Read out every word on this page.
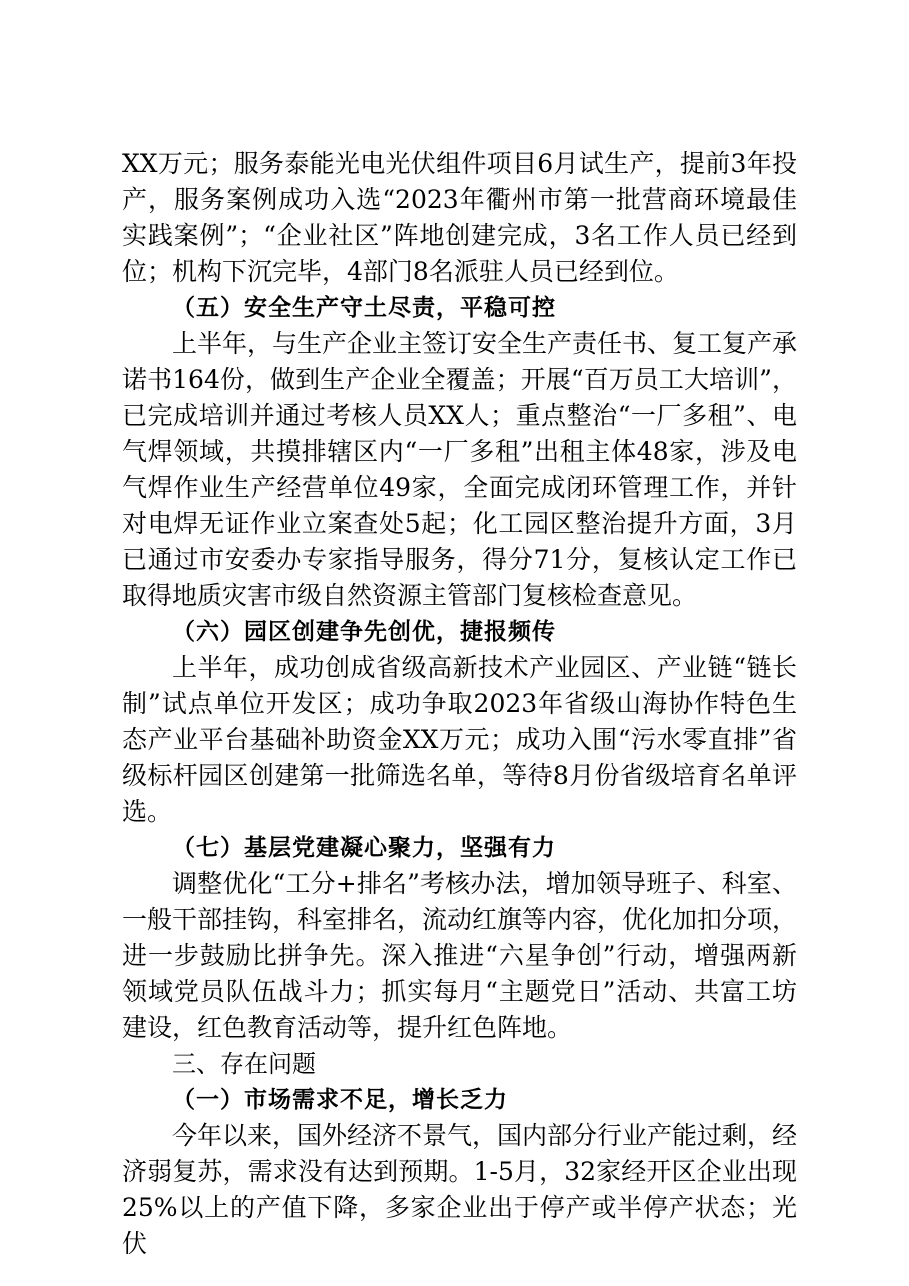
XX万元；服务泰能光电光伏组件项目6月试生产，提前3年投产，服务案例成功入选“2023年衢州市第一批营商环境最佳实践案例”；“企业社区”阵地创建完成，3名工作人员已经到位；机构下沉完毕，4部门8名派驻人员已经到位。

（五）安全生产守土尽责，平稳可控

上半年，与生产企业主签订安全生产责任书、复工复产承诺书164份，做到生产企业全覆盖；开展“百万员工大培训”，已完成培训并通过考核人员XX人；重点整治“一厂多租”、电气焊领域，共摸排辖区内“一厂多租”出租主体48家，涉及电气焊作业生产经营单位49家，全面完成闭环管理工作，并针对电焊无证作业立案查处5起；化工园区整治提升方面，3月已通过市安委办专家指导服务，得分71分，复核认定工作已取得地质灾害市级自然资源主管部门复核检查意见。

（六）园区创建争先创优，捷报频传

上半年，成功创成省级高新技术产业园区、产业链“链长制”试点单位开发区；成功争取2023年省级山海协作特色生态产业平台基础补助资金XX万元；成功入围“污水零直排”省级标杆园区创建第一批筛选名单，等待8月份省级培育名单评选。

（七）基层党建凝心聚力，坚强有力

调整优化“工分+排名”考核办法，增加领导班子、科室、一般干部挂钩，科室排名，流动红旗等内容，优化加扣分项，进一步鼓励比拼争先。深入推进“六星争创”行动，增强两新领域党员队伍战斗力；抓实每月“主题党日”活动、共富工坊建设，红色教育活动等，提升红色阵地。

三、存在问题

（一）市场需求不足，增长乏力

今年以来，国外经济不景气，国内部分行业产能过剩，经济弱复苏，需求没有达到预期。1-5月，32家经开区企业出现25%以上的产值下降，多家企业出于停产或半停产状态；光伏
